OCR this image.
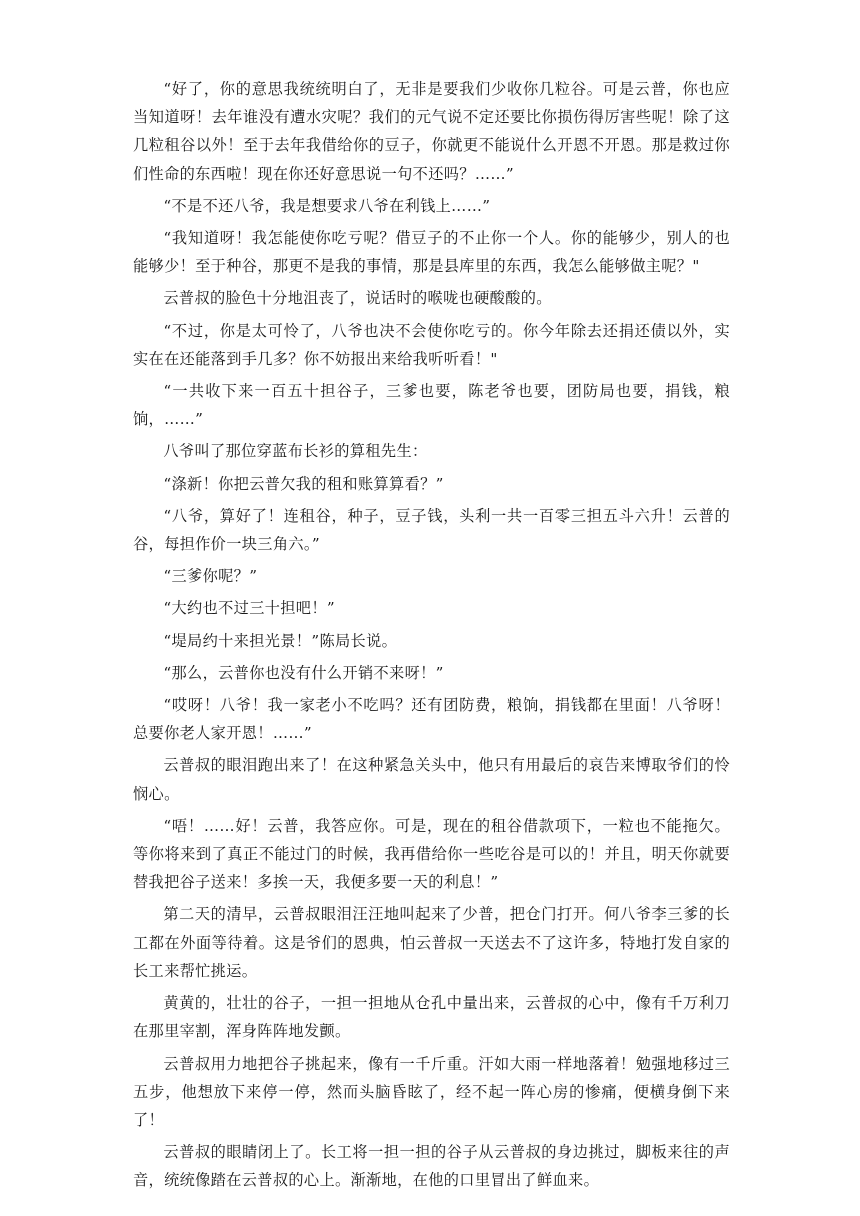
“好了，你的意思我统统明白了，无非是要我们少收你几粒谷。可是云普，你也应当知道呀！去年谁没有遭水灾呢？我们的元气说不定还要比你损伤得厉害些呢！除了这几粒租谷以外！至于去年我借给你的豆子，你就更不能说什么开恩不开恩。那是救过你们性命的东西啦！现在你还好意思说一句不还吗？……”

“不是不还八爷，我是想要求八爷在利钱上……”

“我知道呀！我怎能使你吃亏呢？借豆子的不止你一个人。你的能够少，别人的也能够少！至于种谷，那更不是我的事情，那是县库里的东西，我怎么能够做主呢？"

云普叔的脸色十分地沮丧了，说话时的喉咙也硬酸酸的。

“不过，你是太可怜了，八爷也决不会使你吃亏的。你今年除去还捐还债以外，实实在在还能落到手几多？你不妨报出来给我听听看！"

“一共收下来一百五十担谷子，三爹也要，陈老爷也要，团防局也要，捐钱，粮饷，……”

八爷叫了那位穿蓝布长衫的算租先生：

“涤新！你把云普欠我的租和账算算看？”

“八爷，算好了！连租谷，种子，豆子钱，头利一共一百零三担五斗六升！云普的谷，每担作价一块三角六。”

“三爹你呢？”

“大约也不过三十担吧！”

“堤局约十来担光景！”陈局长说。

“那么，云普你也没有什么开销不来呀！”

“哎呀！八爷！我一家老小不吃吗？还有团防费，粮饷，捐钱都在里面！八爷呀！总要你老人家开恩！……”

云普叔的眼泪跑出来了！在这种紧急关头中，他只有用最后的哀告来博取爷们的怜悯心。

“唔！……好！云普，我答应你。可是，现在的租谷借款项下，一粒也不能拖欠。等你将来到了真正不能过门的时候，我再借给你一些吃谷是可以的！并且，明天你就要替我把谷子送来！多挨一天，我便多要一天的利息！”

第二天的清早，云普叔眼泪汪汪地叫起来了少普，把仓门打开。何八爷李三爹的长工都在外面等待着。这是爷们的恩典，怕云普叔一天送去不了这许多，特地打发自家的长工来帮忙挑运。

黄黄的，壮壮的谷子，一担一担地从仓孔中量出来，云普叔的心中，像有千万利刀在那里宰割，浑身阵阵地发颤。

云普叔用力地把谷子挑起来，像有一千斤重。汗如大雨一样地落着！勉强地移过三五步，他想放下来停一停，然而头脑昏眩了，经不起一阵心房的惨痛，便横身倒下来了！

云普叔的眼睛闭上了。长工将一担一担的谷子从云普叔的身边挑过，脚板来往的声音，统统像踏在云普叔的心上。渐渐地，在他的口里冒出了鲜血来。
